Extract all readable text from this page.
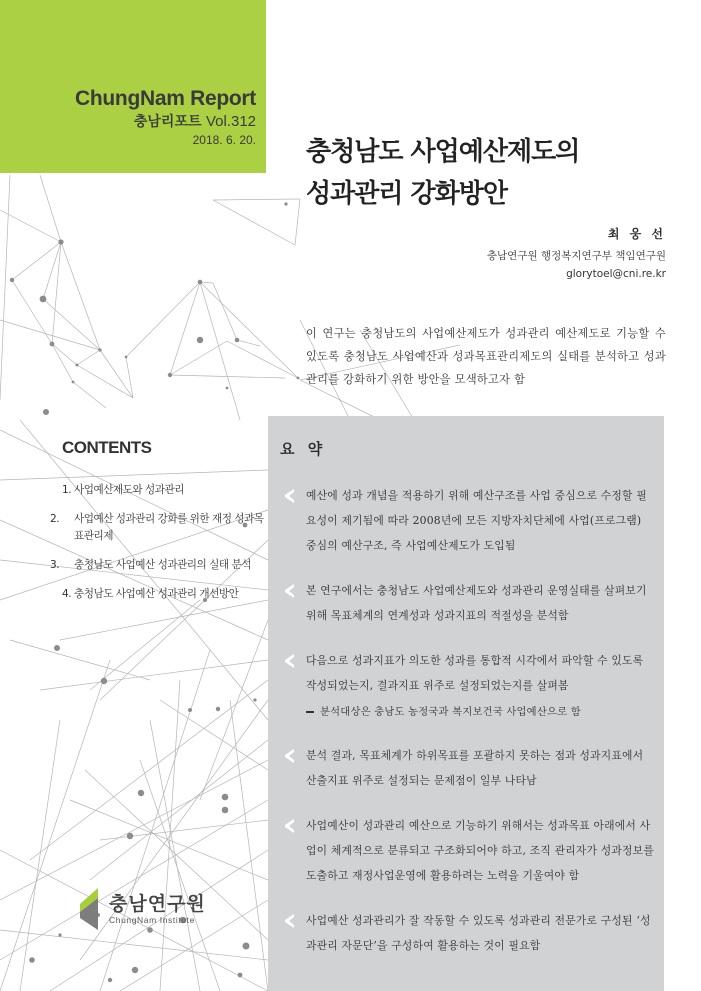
ChungNam Report
충남리포트 Vol.312
2018. 6. 20. 충청남도 사업예산제도의
성과관리 강화방안
최 웅 선
충남연구원 행정복지연구부 책임연구원
glorytoel@cni.re.kr
이 연구는 충청남도의 사업예산제도가 성과관리 예산제도로 기능할 수 있도록 충청남도 사업예산과 성과목표관리제도의 실태를 분석하고 성과관리를 강화하기 위한 방안을 모색하고자 함
CONTENTS
1. 사업예산제도와 성과관리
2. 사업예산 성과관리 강화를 위한 재정 성과목표관리제
3. 충청남도 사업예산 성과관리의 실태 분석
4. 충청남도 사업예산 성과관리 개선방안
충남연구원
ChungNam Institute
요 약
예산에 성과 개념을 적용하기 위해 예산구조를 사업 중심으로 수정할 필요성이 제기됨에 따라 2008년에 모든 지방자치단체에 사업(프로그램) 중심의 예산구조, 즉 사업예산제도가 도입됨
본 연구에서는 충청남도 사업예산제도와 성과관리 운영실태를 살펴보기 위해 목표체계의 연계성과 성과지표의 적절성을 분석함
다음으로 성과지표가 의도한 성과를 통합적 시각에서 파악할 수 있도록 작성되었는지, 결과지표 위주로 설정되었는지를 살펴봄
분석대상은 충남도 농정국과 복지보건국 사업예산으로 함
분석 결과, 목표체계가 하위목표를 포괄하지 못하는 점과 성과지표에서 산출지표 위주로 설정되는 문제점이 일부 나타남
사업예산이 성과관리 예산으로 기능하기 위해서는 성과목표 아래에서 사업이 체계적으로 분류되고 구조화되어야 하고, 조직 관리자가 성과정보를 도출하고 재정사업운영에 활용하려는 노력을 기울여야 함
사업예산 성과관리가 잘 작동할 수 있도록 성과관리 전문가로 구성된 ‘성과관리 자문단’을 구성하여 활용하는 것이 필요함
